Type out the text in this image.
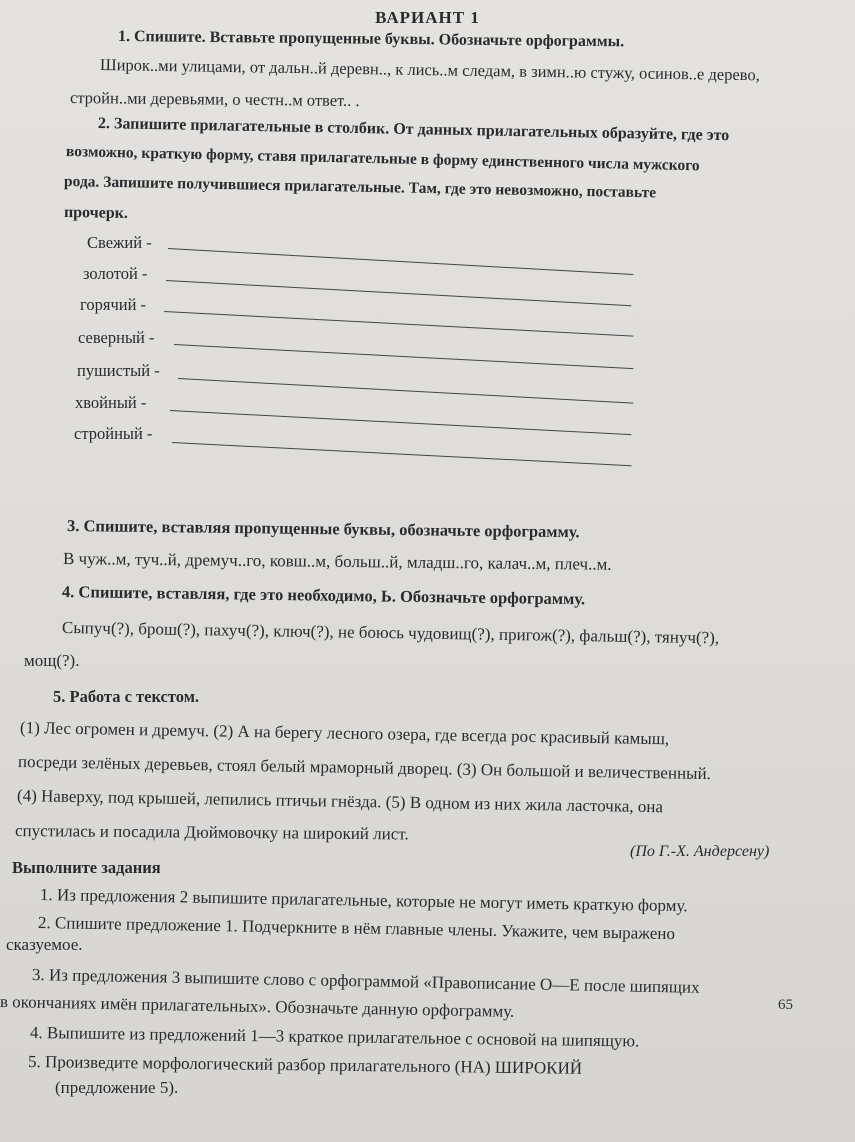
ВАРИАНТ 1
1. Спишите. Вставьте пропущенные буквы. Обозначьте орфограммы.
Широк..ми улицами, от дальн..й деревн.., к лись..м следам, в зимн..ю стужу, осинов..е дерево,
стройн..ми деревьями, о честн..м ответ.. .
2. Запишите прилагательные в столбик. От данных прилагательных образуйте, где это
возможно, краткую форму, ставя прилагательные в форму единственного числа мужского
рода. Запишите получившиеся прилагательные. Там, где это невозможно, поставьте
прочерк.
Свежий -
золотой -
горячий -
северный -
пушистый -
хвойный -
стройный -
3. Спишите, вставляя пропущенные буквы, обозначьте орфограмму.
В чуж..м, туч..й, дремуч..го, ковш..м, больш..й, младш..го, калач..м, плеч..м.
4. Спишите, вставляя, где это необходимо, Ь. Обозначьте орфограмму.
Сыпуч(?), брош(?), пахуч(?), ключ(?), не боюсь чудовищ(?), пригож(?), фальш(?), тянуч(?),
мощ(?).
5. Работа с текстом.
(1) Лес огромен и дремуч. (2) А на берегу лесного озера, где всегда рос красивый камыш,
посреди зелёных деревьев, стоял белый мраморный дворец. (3) Он большой и величественный.
(4) Наверху, под крышей, лепились птичьи гнёзда. (5) В одном из них жила ласточка, она
спустилась и посадила Дюймовочку на широкий лист.
(По Г.-Х. Андерсену)
Выполните задания
1. Из предложения 2 выпишите прилагательные, которые не могут иметь краткую форму.
2. Спишите предложение 1. Подчеркните в нём главные члены. Укажите, чем выражено
сказуемое.
3. Из предложения 3 выпишите слово с орфограммой «Правописание О—Е после шипящих
в окончаниях имён прилагательных». Обозначьте данную орфограмму.	65
4. Выпишите из предложений 1—3 краткое прилагательное с основой на шипящую.
5. Произведите морфологический разбор прилагательного (НА) ШИРОКИЙ
(предложение 5).
